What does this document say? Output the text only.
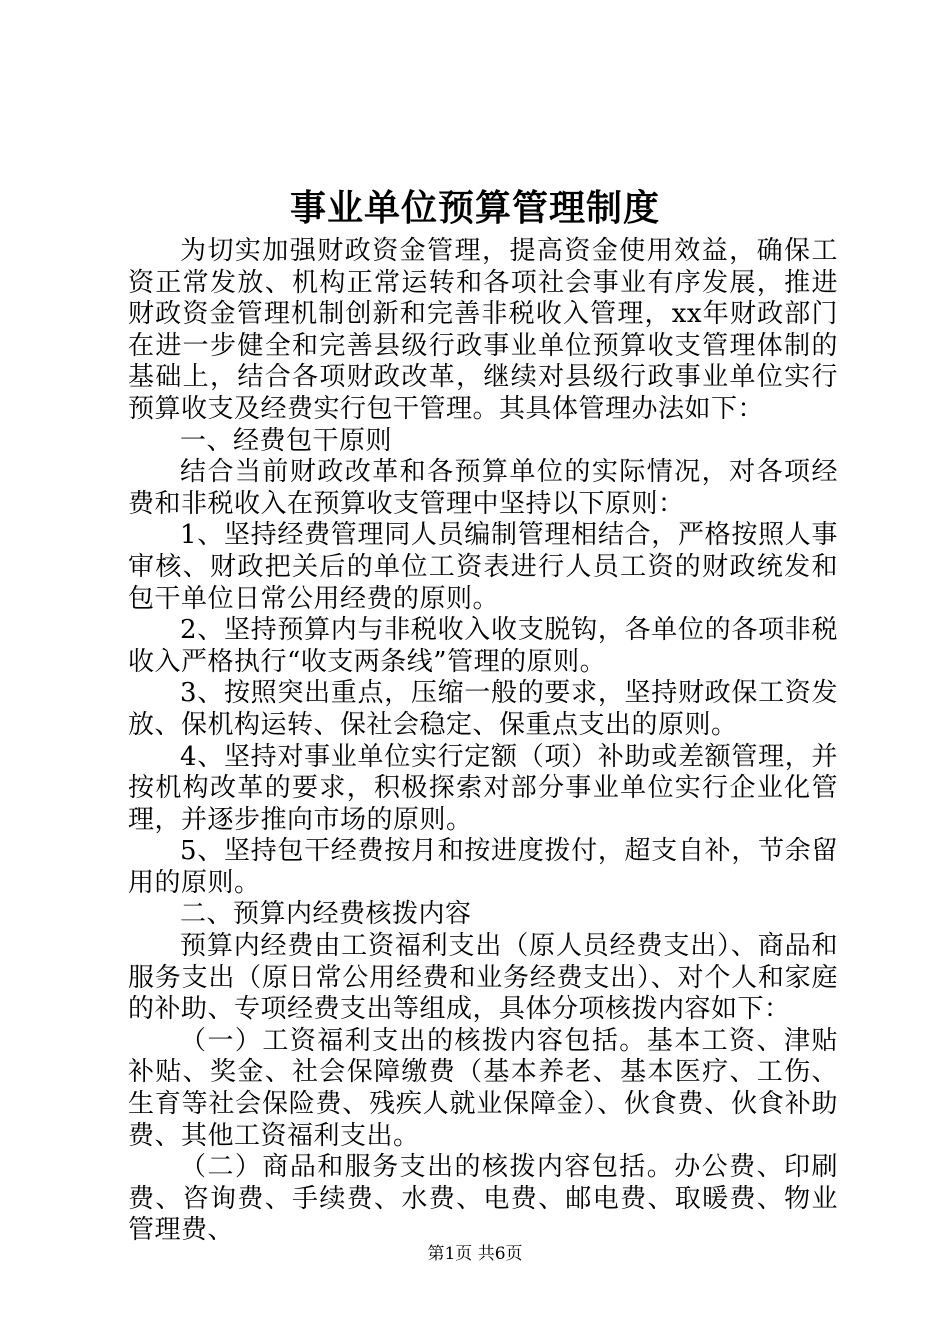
事业单位预算管理制度

为切实加强财政资金管理，提高资金使用效益，确保工资正常发放、机构正常运转和各项社会事业有序发展，推进财政资金管理机制创新和完善非税收入管理，xx年财政部门在进一步健全和完善县级行政事业单位预算收支管理体制的基础上，结合各项财政改革，继续对县级行政事业单位实行预算收支及经费实行包干管理。其具体管理办法如下：

一、经费包干原则

结合当前财政改革和各预算单位的实际情况，对各项经费和非税收入在预算收支管理中坚持以下原则：

1、坚持经费管理同人员编制管理相结合，严格按照人事审核、财政把关后的单位工资表进行人员工资的财政统发和包干单位日常公用经费的原则。

2、坚持预算内与非税收入收支脱钩，各单位的各项非税收入严格执行“收支两条线”管理的原则。

3、按照突出重点，压缩一般的要求，坚持财政保工资发放、保机构运转、保社会稳定、保重点支出的原则。

4、坚持对事业单位实行定额（项）补助或差额管理，并按机构改革的要求，积极探索对部分事业单位实行企业化管理，并逐步推向市场的原则。

5、坚持包干经费按月和按进度拨付，超支自补，节余留用的原则。

二、预算内经费核拨内容

预算内经费由工资福利支出（原人员经费支出）、商品和服务支出（原日常公用经费和业务经费支出）、对个人和家庭的补助、专项经费支出等组成，具体分项核拨内容如下：

（一）工资福利支出的核拨内容包括。基本工资、津贴补贴、奖金、社会保障缴费（基本养老、基本医疗、工伤、生育等社会保险费、残疾人就业保障金）、伙食费、伙食补助费、其他工资福利支出。

（二）商品和服务支出的核拨内容包括。办公费、印刷费、咨询费、手续费、水费、电费、邮电费、取暖费、物业管理费、

第1页 共6页
